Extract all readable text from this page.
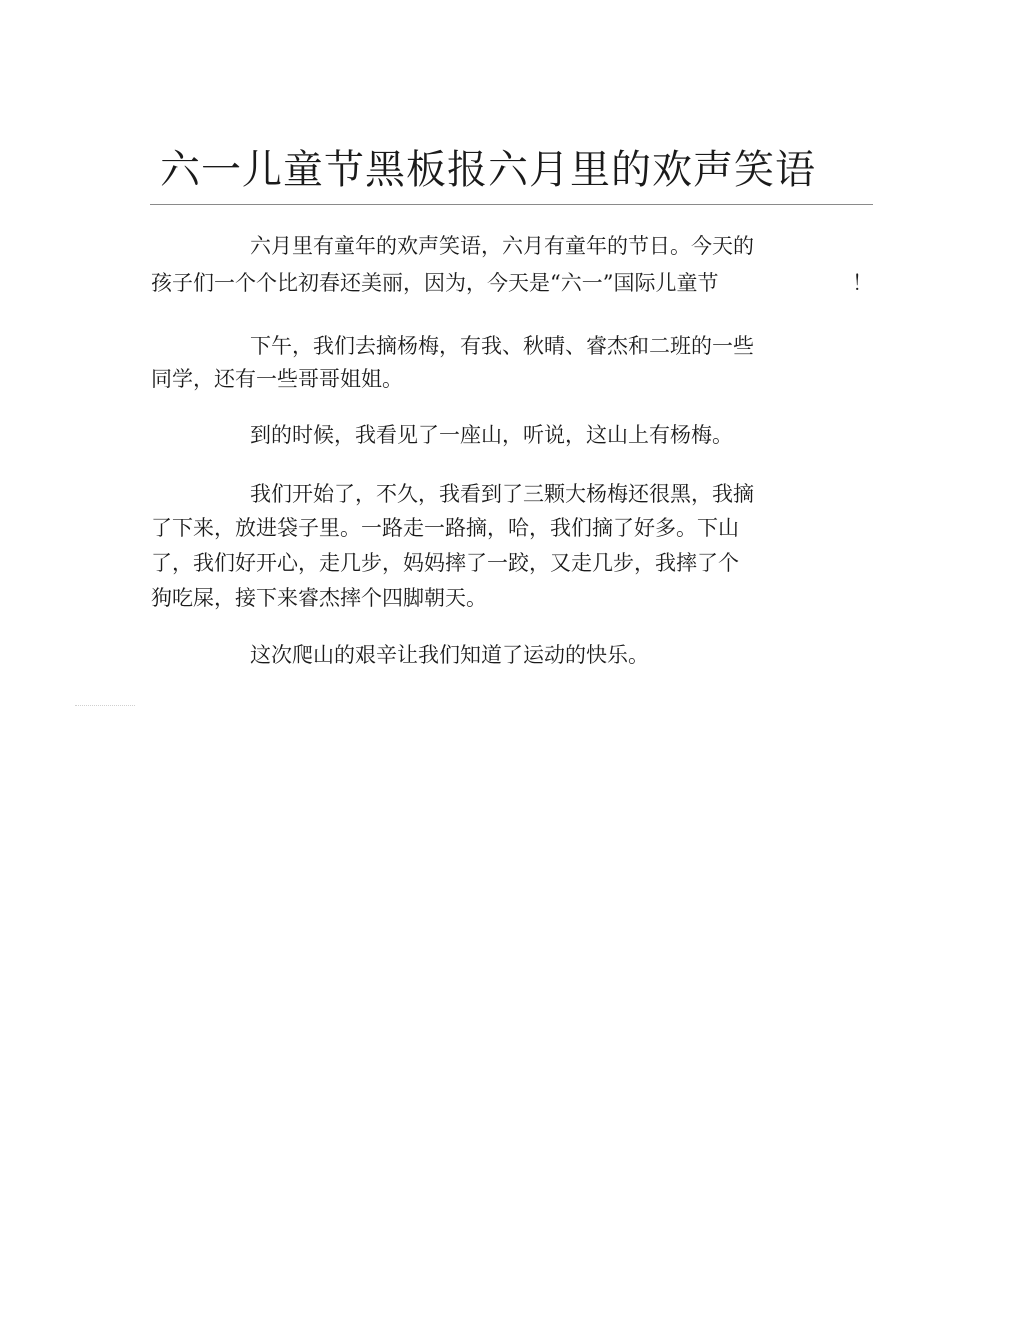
六一儿童节黑板报六月里的欢声笑语

六月里有童年的欢声笑语，六月有童年的节日。今天的

孩子们一个个比初春还美丽，因为，今天是“六一”国际儿童节	！

下午，我们去摘杨梅，有我、秋晴、睿杰和二班的一些

同学，还有一些哥哥姐姐。

到的时候，我看见了一座山，听说，这山上有杨梅。

我们开始了，不久，我看到了三颗大杨梅还很黑，我摘

了下来，放进袋子里。一路走一路摘，哈，我们摘了好多。下山

了，我们好开心，走几步，妈妈摔了一跤，又走几步，我摔了个

狗吃屎，接下来睿杰摔个四脚朝天。

这次爬山的艰辛让我们知道了运动的快乐。
